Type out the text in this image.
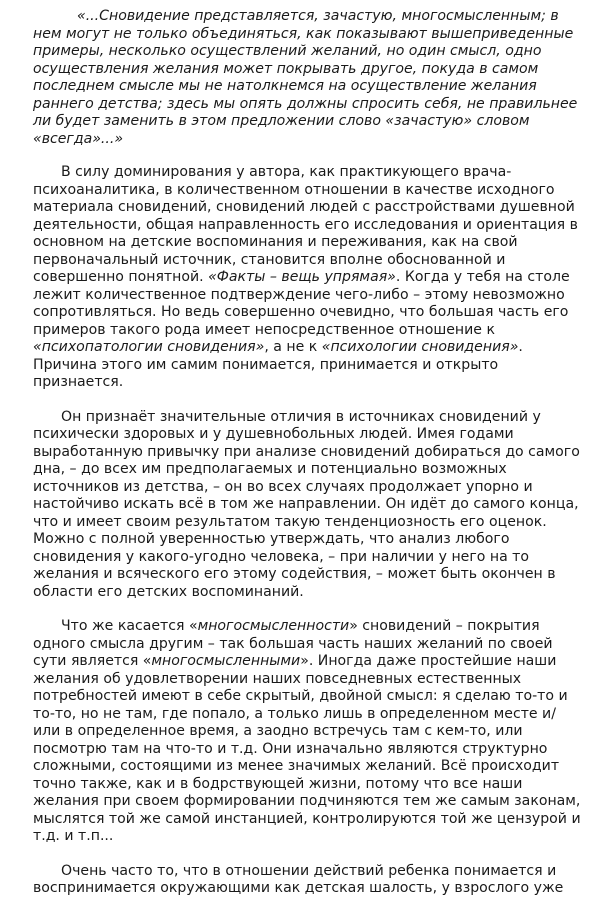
«...Сновидение представляется, зачастую, многосмысленным; в нем могут не только объединяться, как показывают вышеприведенные примеры, несколько осуществлений желаний, но один смысл, одно осуществления желания может покрывать другое, покуда в самом последнем смысле мы не натолкнемся на осуществление желания раннего детства; здесь мы опять должны спросить себя, не правильнее ли будет заменить в этом предложении слово «зачастую» словом «всегда»...»

В силу доминирования у автора, как практикующего врача-психоаналитика, в количественном отношении в качестве исходного материала сновидений, сновидений людей с расстройствами душевной деятельности, общая направленность его исследования и ориентация в основном на детские воспоминания и переживания, как на свой первоначальный источник, становится вполне обоснованной и совершенно понятной. «Факты – вещь упрямая». Когда у тебя на столе лежит количественное подтверждение чего-либо – этому невозможно сопротивляться. Но ведь совершенно очевидно, что большая часть его примеров такого рода имеет непосредственное отношение к «психопатологии сновидения», а не к «психологии сновидения». Причина этого им самим понимается, принимается и открыто признается.

Он признаёт значительные отличия в источниках сновидений у психически здоровых и у душевнобольных людей. Имея годами выработанную привычку при анализе сновидений добираться до самого дна, – до всех им предполагаемых и потенциально возможных источников из детства, – он во всех случаях продолжает упорно и настойчиво искать всё в том же направлении. Он идёт до самого конца, что и имеет своим результатом такую тенденциозность его оценок. Можно с полной уверенностью утверждать, что анализ любого сновидения у какого-угодно человека, – при наличии у него на то желания и всяческого его этому содействия, – может быть окончен в области его детских воспоминаний.

Что же касается «многосмысленности» сновидений – покрытия одного смысла другим – так большая часть наших желаний по своей сути является «многосмысленными». Иногда даже простейшие наши желания об удовлетворении наших повседневных естественных потребностей имеют в себе скрытый, двойной смысл: я сделаю то-то и то-то, но не там, где попало, а только лишь в определенном месте и/или в определенное время, а заодно встречусь там с кем-то, или посмотрю там на что-то и т.д. Они изначально являются структурно сложными, состоящими из менее значимых желаний. Всё происходит точно также, как и в бодрствующей жизни, потому что все наши желания при своем формировании подчиняются тем же самым законам, мыслятся той же самой инстанцией, контролируются той же цензурой и т.д. и т.п...

Очень часто то, что в отношении действий ребенка понимается и воспринимается окружающими как детская шалость, у взрослого уже
